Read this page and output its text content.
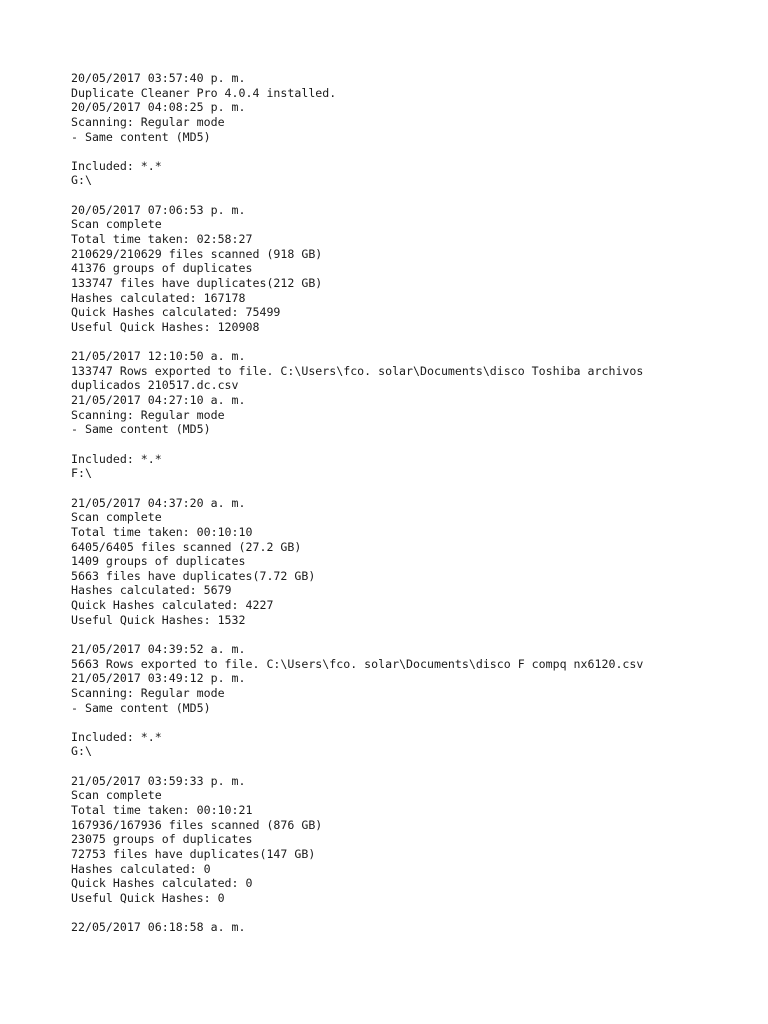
20/05/2017 03:57:40 p. m.
Duplicate Cleaner Pro 4.0.4 installed.
20/05/2017 04:08:25 p. m.
Scanning: Regular mode
- Same content (MD5)
Included: *.*
G:\
20/05/2017 07:06:53 p. m.
Scan complete
Total time taken: 02:58:27
210629/210629 files scanned (918 GB)
41376 groups of duplicates
133747 files have duplicates(212 GB)
Hashes calculated: 167178
Quick Hashes calculated: 75499
Useful Quick Hashes: 120908
21/05/2017 12:10:50 a. m.
133747 Rows exported to file. C:\Users\fco. solar\Documents\disco Toshiba archivos
duplicados 210517.dc.csv
21/05/2017 04:27:10 a. m.
Scanning: Regular mode
- Same content (MD5)
Included: *.*
F:\
21/05/2017 04:37:20 a. m.
Scan complete
Total time taken: 00:10:10
6405/6405 files scanned (27.2 GB)
1409 groups of duplicates
5663 files have duplicates(7.72 GB)
Hashes calculated: 5679
Quick Hashes calculated: 4227
Useful Quick Hashes: 1532
21/05/2017 04:39:52 a. m.
5663 Rows exported to file. C:\Users\fco. solar\Documents\disco F compq nx6120.csv
21/05/2017 03:49:12 p. m.
Scanning: Regular mode
- Same content (MD5)
Included: *.*
G:\
21/05/2017 03:59:33 p. m.
Scan complete
Total time taken: 00:10:21
167936/167936 files scanned (876 GB)
23075 groups of duplicates
72753 files have duplicates(147 GB)
Hashes calculated: 0
Quick Hashes calculated: 0
Useful Quick Hashes: 0
22/05/2017 06:18:58 a. m.
